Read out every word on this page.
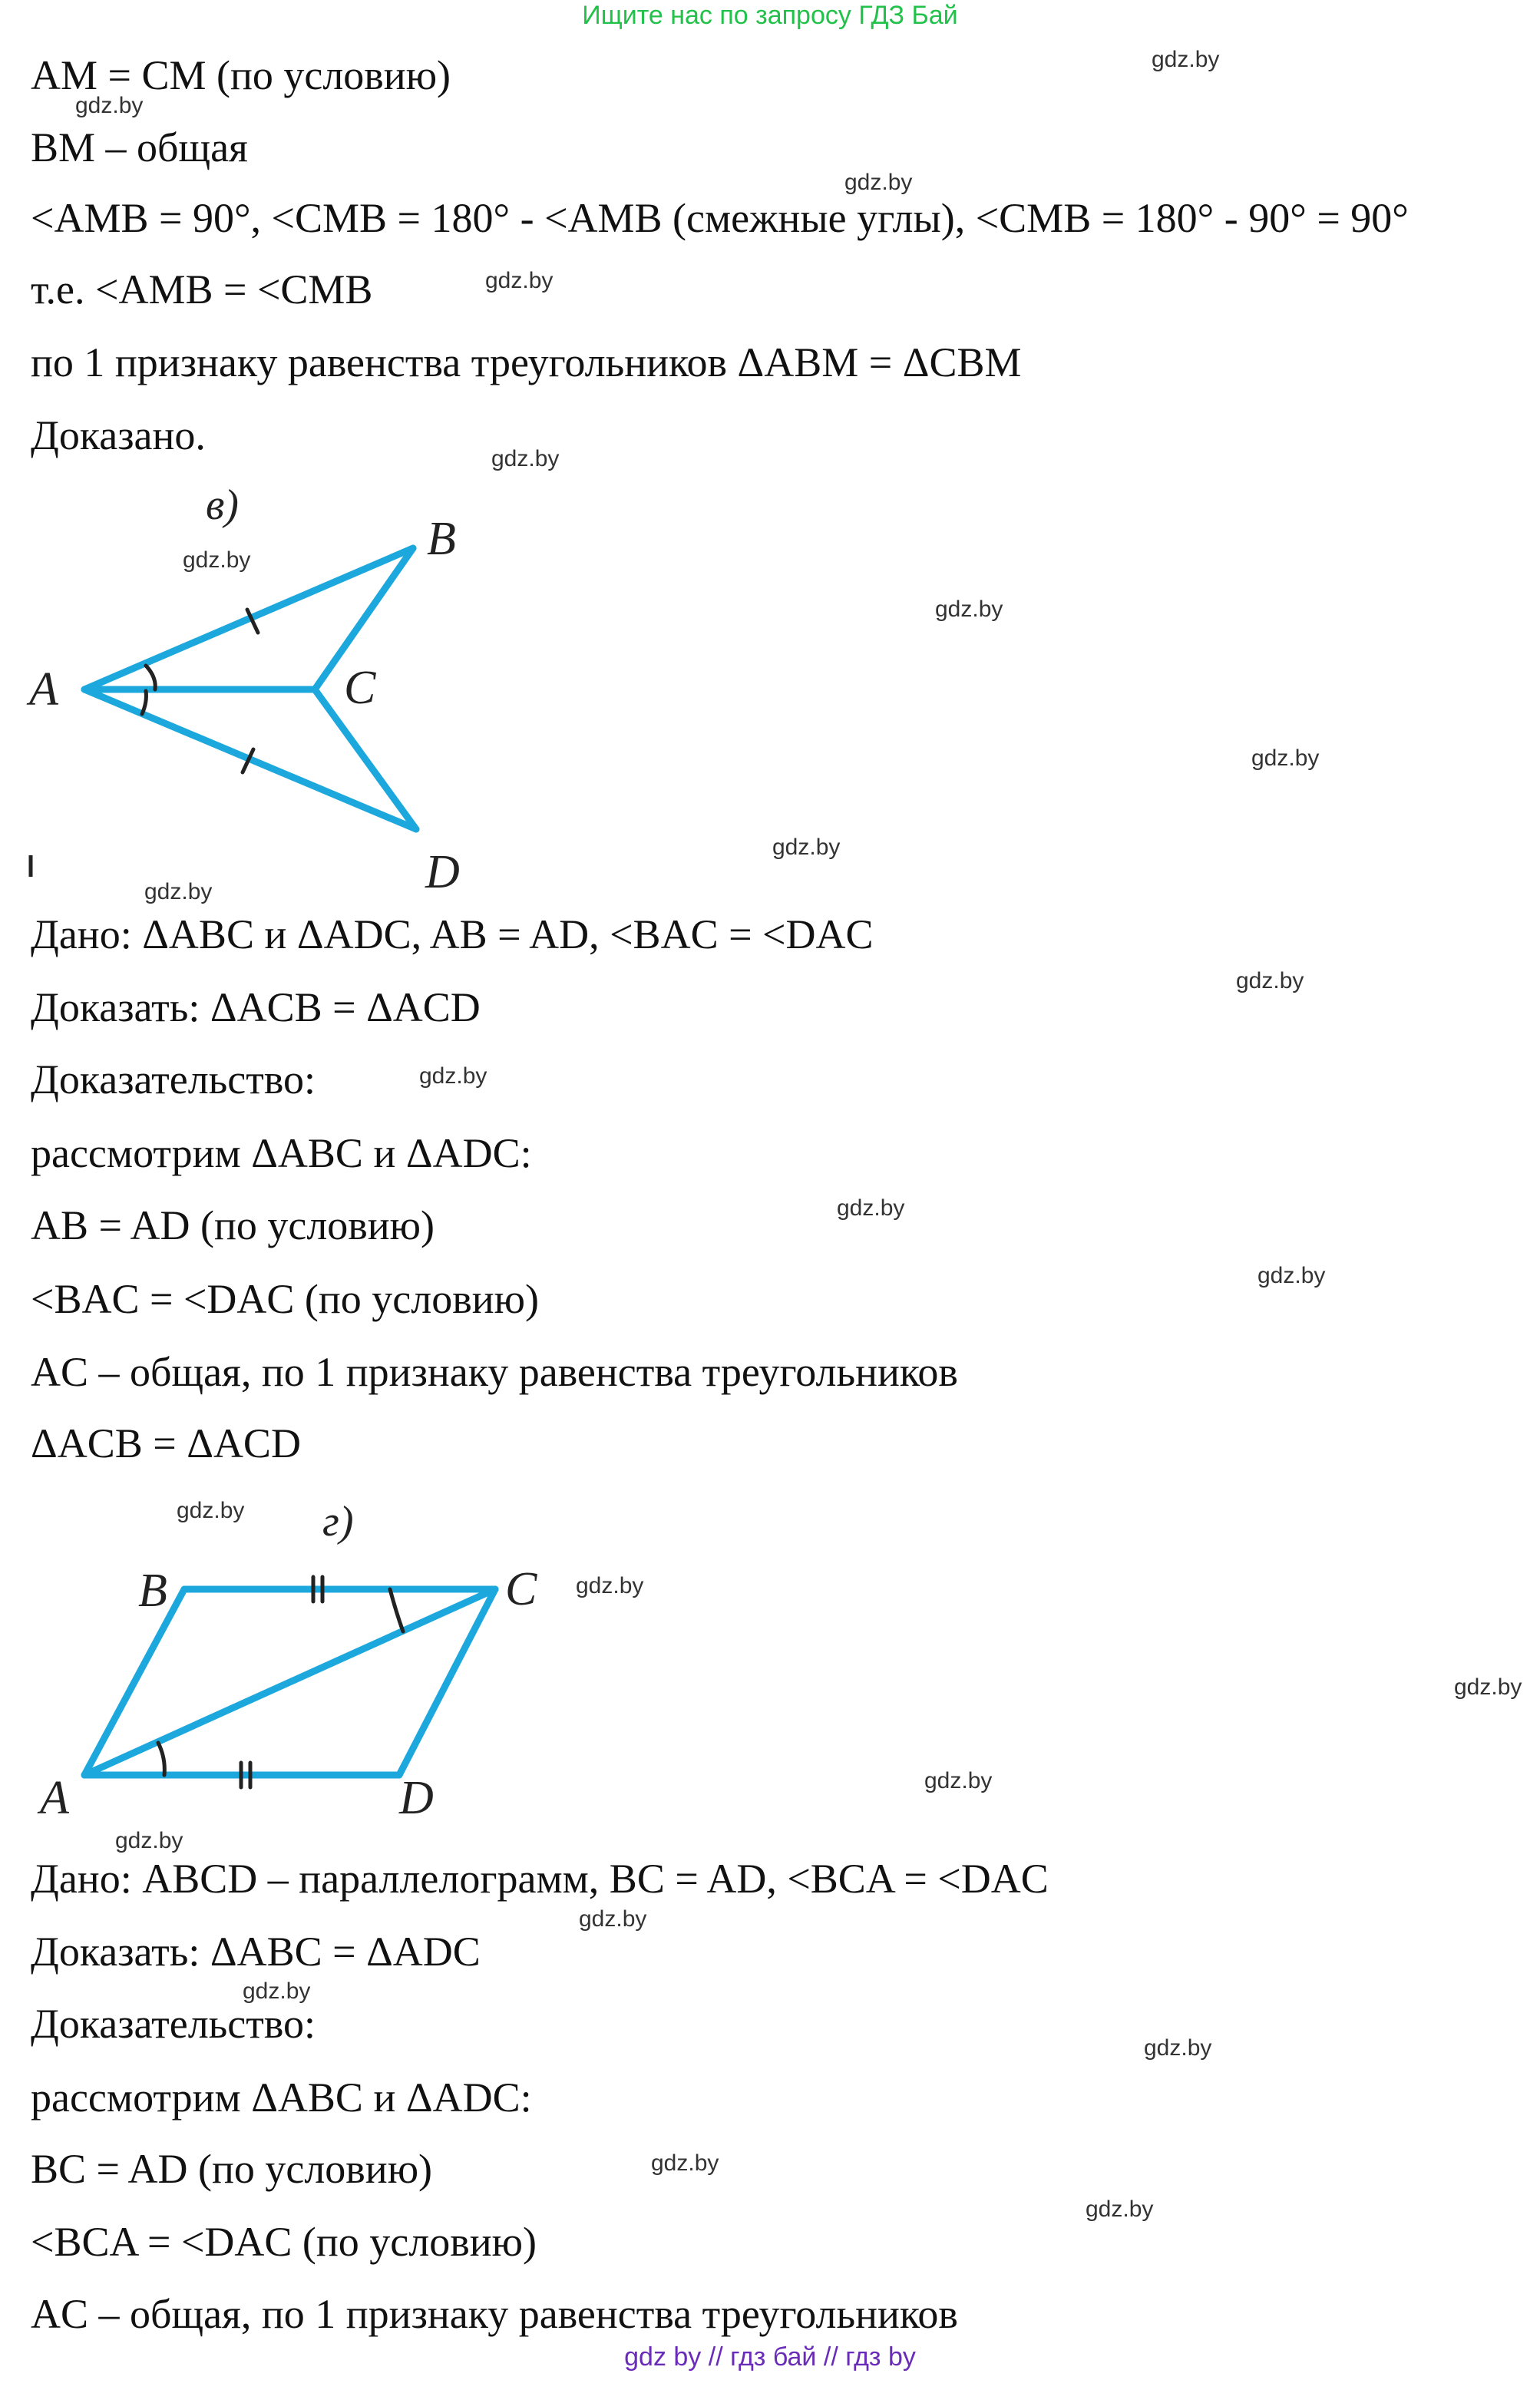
Ищите нас по запросу ГДЗ Бай
AM = CM (по условию)
BM – общая
<AMB = 90°, <CMB = 180° - <AMB (смежные углы), <CMB = 180° - 90° = 90°
т.е. <AMB = <CMB
по 1 признаку равенства треугольников ΔABM = ΔCBM
Доказано.
в)
B
A	C
D
Дано: ΔABC и ΔADC, AB = AD, <BAC = <DAC
Доказать: ΔACB = ΔACD
Доказательство:
рассмотрим ΔABC и ΔADC:
AB = AD (по условию)
<BAC = <DAC (по условию)
AC – общая, по 1 признаку равенства треугольников
ΔACB = ΔACD
г)
B	C
A	D
Дано: ABCD – параллелограмм, BC = AD, <BCA = <DAC
Доказать: ΔABC = ΔADC
Доказательство:
рассмотрим ΔABC и ΔADC:
BC = AD (по условию)
<BCA = <DAC (по условию)
AC – общая, по 1 признаку равенства треугольников
gdz.by
gdz.by
gdz.by
gdz.by
gdz.by
gdz.by
gdz.by
gdz.by
gdz.by
gdz.by
gdz.by
gdz.by
gdz.by
gdz.by
gdz.by
gdz.by
gdz.by
gdz.by
gdz.by
gdz.by
gdz.by
gdz.by
gdz.by
gdz.by
gdz by // гдз бай // гдз by
